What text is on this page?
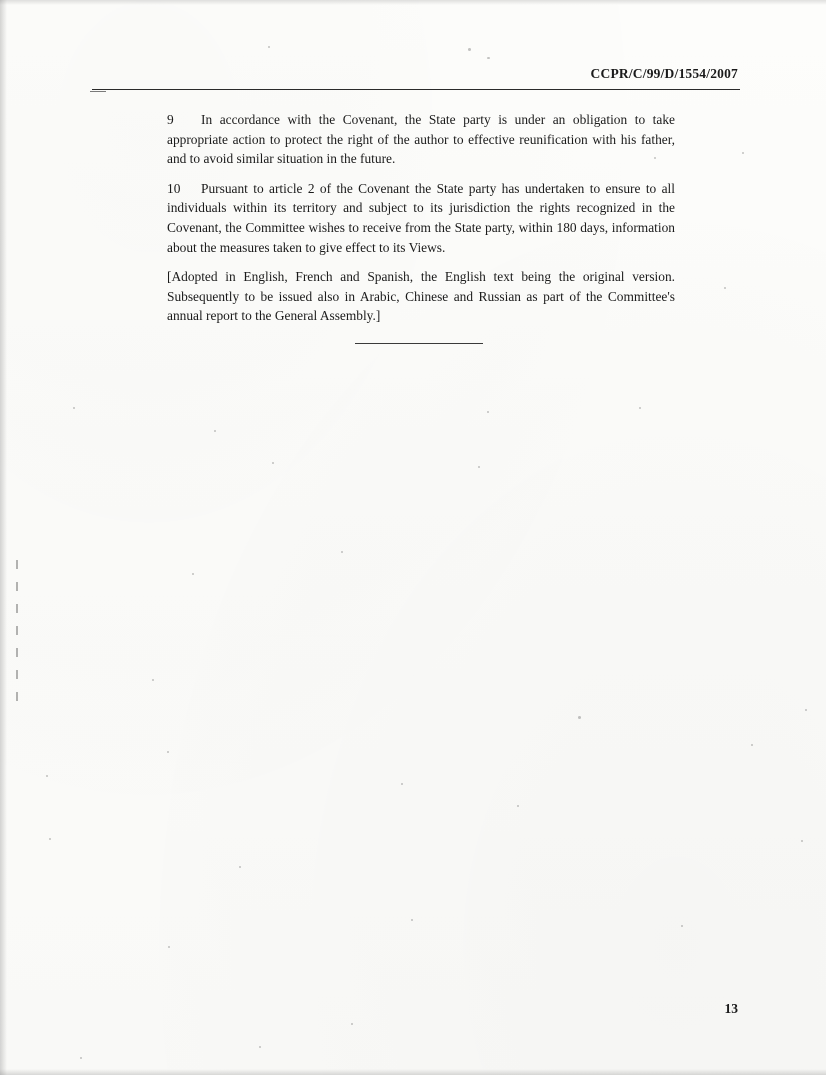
CCPR/C/99/D/1554/2007

9 In accordance with the Covenant, the State party is under an obligation to take appropriate action to protect the right of the author to effective reunification with his father, and to avoid similar situation in the future.

10 Pursuant to article 2 of the Covenant the State party has undertaken to ensure to all individuals within its territory and subject to its jurisdiction the rights recognized in the Covenant, the Committee wishes to receive from the State party, within 180 days, information about the measures taken to give effect to its Views.

[Adopted in English, French and Spanish, the English text being the original version. Subsequently to be issued also in Arabic, Chinese and Russian as part of the Committee's annual report to the General Assembly.]

13
